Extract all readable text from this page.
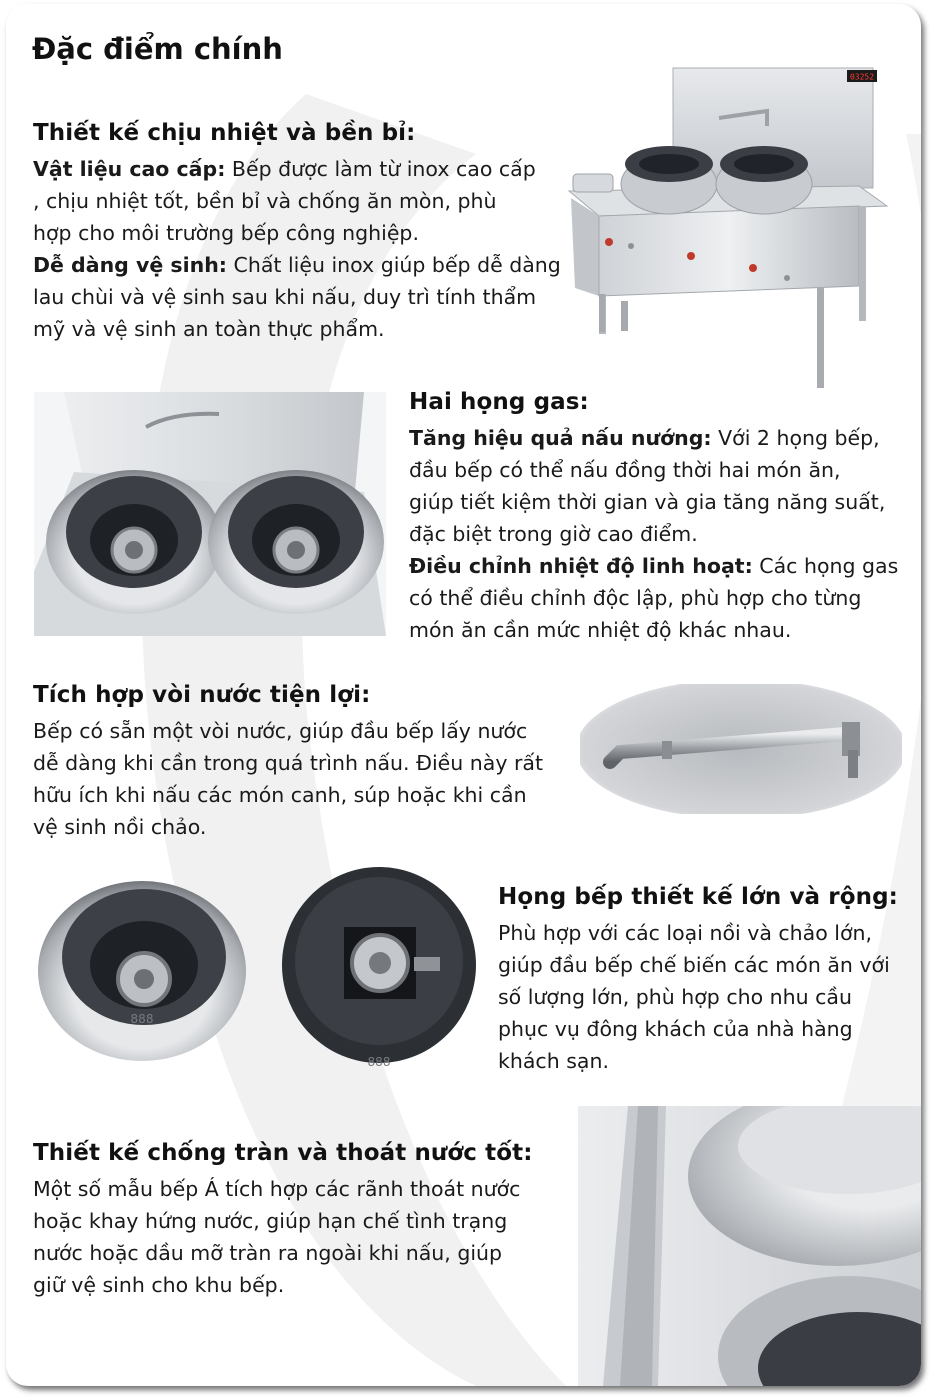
Đặc điểm chính
Thiết kế chịu nhiệt và bền bỉ:
Vật liệu cao cấp: Bếp được làm từ inox cao cấp
, chịu nhiệt tốt, bền bỉ và chống ăn mòn, phù
hợp cho môi trường bếp công nghiệp.
Dễ dàng vệ sinh: Chất liệu inox giúp bếp dễ dàng
lau chùi và vệ sinh sau khi nấu, duy trì tính thẩm
mỹ và vệ sinh an toàn thực phẩm.
03252
Hai họng gas:
Tăng hiệu quả nấu nướng: Với 2 họng bếp,
đầu bếp có thể nấu đồng thời hai món ăn,
giúp tiết kiệm thời gian và gia tăng năng suất,
đặc biệt trong giờ cao điểm.
Điều chỉnh nhiệt độ linh hoạt: Các họng gas
có thể điều chỉnh độc lập, phù hợp cho từng
món ăn cần mức nhiệt độ khác nhau.
Tích hợp vòi nước tiện lợi:
Bếp có sẵn một vòi nước, giúp đầu bếp lấy nước
dễ dàng khi cần trong quá trình nấu. Điều này rất
hữu ích khi nấu các món canh, súp hoặc khi cần
vệ sinh nồi chảo.
Họng bếp thiết kế lớn và rộng:
Phù hợp với các loại nồi và chảo lớn,
giúp đầu bếp chế biến các món ăn với
số lượng lớn, phù hợp cho nhu cầu
phục vụ đông khách của nhà hàng
khách sạn.
888
888
Thiết kế chống tràn và thoát nước tốt:
Một số mẫu bếp Á tích hợp các rãnh thoát nước
hoặc khay hứng nước, giúp hạn chế tình trạng
nước hoặc dầu mỡ tràn ra ngoài khi nấu, giúp
giữ vệ sinh cho khu bếp.
